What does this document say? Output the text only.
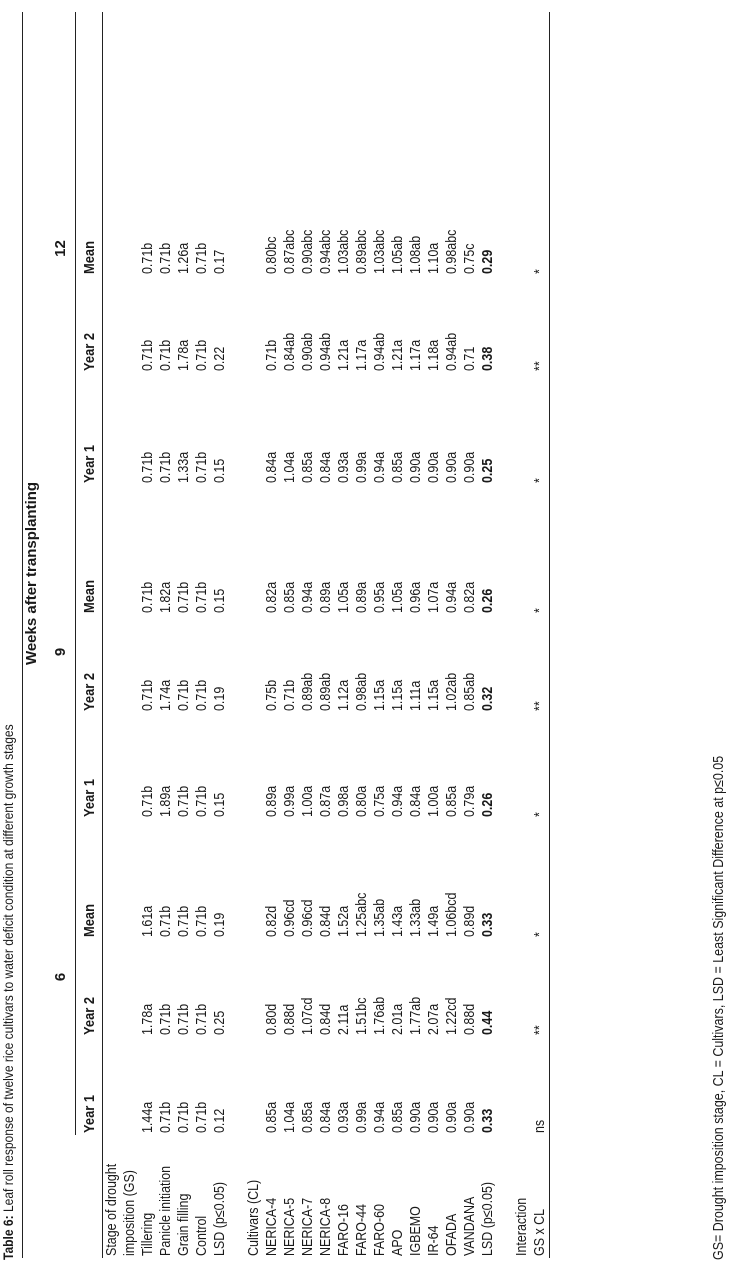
Table 6: Leaf roll response of twelve rice cultivars to water deficit condition at different growth stages
	Weeks after transplanting								
	6			9			12		
	Year 1	Year 2	Mean	Year 1	Year 2	Mean	Year 1	Year 2	Mean
Stage of drought									
imposition (GS)									
Tillering	1.44a	1.78a	1.61a	0.71b	0.71b	0.71b	0.71b	0.71b	0.71b
Panicle initiation	0.71b	0.71b	0.71b	1.89a	1.74a	1.82a	0.71b	0.71b	0.71b
Grain filling	0.71b	0.71b	0.71b	0.71b	0.71b	0.71b	1.33a	1.78a	1.26a
Control	0.71b	0.71b	0.71b	0.71b	0.71b	0.71b	0.71b	0.71b	0.71b
LSD (p≤0.05)	0.12	0.25	0.19	0.15	0.19	0.15	0.15	0.22	0.17

Cultivars (CL)									
NERICA-4	0.85a	0.80d	0.82d	0.89a	0.75b	0.82a	0.84a	0.71b	0.80bc
NERICA-5	1.04a	0.88d	0.96cd	0.99a	0.71b	0.85a	1.04a	0.84ab	0.87abc
NERICA-7	0.85a	1.07cd	0.96cd	1.00a	0.89ab	0.94a	0.85a	0.90ab	0.90abc
NERICA-8	0.84a	0.84d	0.84d	0.87a	0.89ab	0.89a	0.84a	0.94ab	0.94abc
FARO-16	0.93a	2.11a	1.52a	0.98a	1.12a	1.05a	0.93a	1.21a	1.03abc
FARO-44	0.99a	1.51bc	1.25abc	0.80a	0.98ab	0.89a	0.99a	1.17a	0.89abc
FARO-60	0.94a	1.76ab	1.35ab	0.75a	1.15a	0.95a	0.94a	0.94ab	1.03abc
APO	0.85a	2.01a	1.43a	0.94a	1.15a	1.05a	0.85a	1.21a	1.05ab
IGBEMO	0.90a	1.77ab	1.33ab	0.84a	1.11a	0.96a	0.90a	1.17a	1.08ab
IR-64	0.90a	2.07a	1.49a	1.00a	1.15a	1.07a	0.90a	1.18a	1.10a
OFADA	0.90a	1.22cd	1.06bcd	0.85a	1.02ab	0.94a	0.90a	0.94ab	0.98abc
VANDANA	0.90a	0.88d	0.89d	0.79a	0.85ab	0.82a	0.90a	0.71	0.75c
LSD (p≤0.05)	0.33	0.44	0.33	0.26	0.32	0.26	0.25	0.38	0.29

Interaction									
GS x CL	ns	**	*	*	**	*	*	**	*
GS= Drought imposition stage, CL = Cultivars, LSD = Least Significant Difference at p≤0.05
